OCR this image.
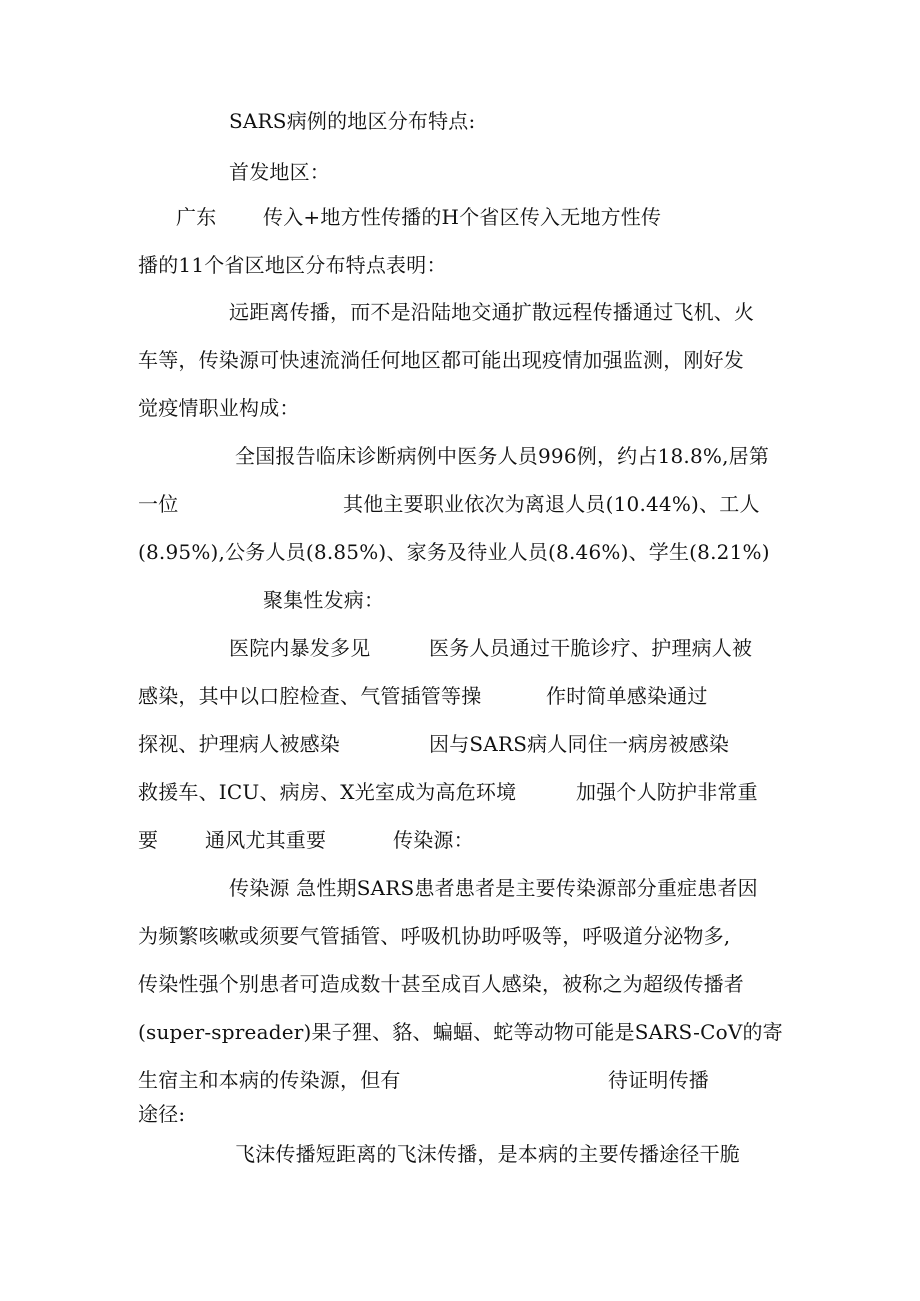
SARS病例的地区分布特点:
首发地区：
广东 传入+地方性传播的H个省区传入无地方性传
播的11个省区地区分布特点表明：
远距离传播，而不是沿陆地交通扩散远程传播通过飞机、火
车等，传染源可快速流淌任何地区都可能出现疫情加强监测，刚好发
觉疫情职业构成：
全国报告临床诊断病例中医务人员996例，约占18.8%,居第
一位	其他主要职业依次为离退人员(10.44%)、工人
(8.95%),公务人员(8.85%)、家务及待业人员(8.46%)、学生(8.21%)
聚集性发病：
医院内暴发多见	医务人员通过干脆诊疗、护理病人被
感染，其中以口腔检查、气管插管等操	作时简单感染通过
探视、护理病人被感染	因与SARS病人同住一病房被感染
救援车、ICU、病房、X光室成为高危环境	加强个人防护非常重
要 通风尤其重要	传染源：
传染源 急性期SARS患者患者是主要传染源部分重症患者因
为频繁咳嗽或须要气管插管、呼吸机协助呼吸等，呼吸道分泌物多,
传染性强个别患者可造成数十甚至成百人感染，被称之为超级传播者
(super-spreader)果子狸、貉、蝙蝠、蛇等动物可能是SARS-CoV的寄
生宿主和本病的传染源，但有	待证明传播
途径:
飞沫传播短距离的飞沫传播，是本病的主要传播途径干脆
